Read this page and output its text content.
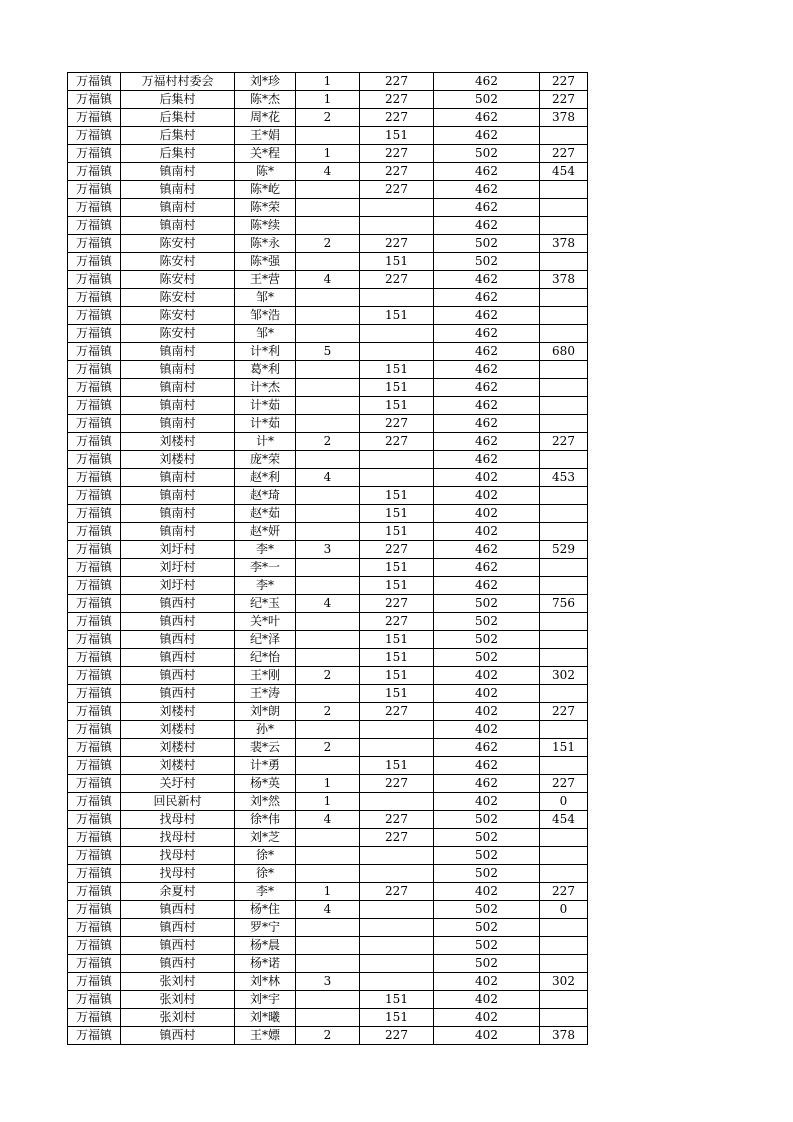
万福镇	万福村村委会	刘*珍	1	227	462	227
万福镇	后集村	陈*杰	1	227	502	227
万福镇	后集村	周*花	2	227	462	378
万福镇	后集村	王*娟		151	462	
万福镇	后集村	关*程	1	227	502	227
万福镇	镇南村	陈*	4	227	462	454
万福镇	镇南村	陈*屹		227	462	
万福镇	镇南村	陈*荣			462	
万福镇	镇南村	陈*续			462	
万福镇	陈安村	陈*永	2	227	502	378
万福镇	陈安村	陈*强		151	502	
万福镇	陈安村	王*营	4	227	462	378
万福镇	陈安村	邹*			462	
万福镇	陈安村	邹*浩		151	462	
万福镇	陈安村	邹*			462	
万福镇	镇南村	计*利	5		462	680
万福镇	镇南村	葛*利		151	462	
万福镇	镇南村	计*杰		151	462	
万福镇	镇南村	计*茹		151	462	
万福镇	镇南村	计*茹		227	462	
万福镇	刘楼村	计*	2	227	462	227
万福镇	刘楼村	庞*荣			462	
万福镇	镇南村	赵*利	4		402	453
万福镇	镇南村	赵*琦		151	402	
万福镇	镇南村	赵*茹		151	402	
万福镇	镇南村	赵*妍		151	402	
万福镇	刘圩村	李*	3	227	462	529
万福镇	刘圩村	李*一		151	462	
万福镇	刘圩村	李*		151	462	
万福镇	镇西村	纪*玉	4	227	502	756
万福镇	镇西村	关*叶		227	502	
万福镇	镇西村	纪*泽		151	502	
万福镇	镇西村	纪*怡		151	502	
万福镇	镇西村	王*刚	2	151	402	302
万福镇	镇西村	王*涛		151	402	
万福镇	刘楼村	刘*朗	2	227	402	227
万福镇	刘楼村	孙*			402	
万福镇	刘楼村	裴*云	2		462	151
万福镇	刘楼村	计*勇		151	462	
万福镇	关圩村	杨*英	1	227	462	227
万福镇	回民新村	刘*然	1		402	0
万福镇	找母村	徐*伟	4	227	502	454
万福镇	找母村	刘*芝		227	502	
万福镇	找母村	徐*			502	
万福镇	找母村	徐*			502	
万福镇	余夏村	李*	1	227	402	227
万福镇	镇西村	杨*住	4		502	0
万福镇	镇西村	罗*宁			502	
万福镇	镇西村	杨*晨			502	
万福镇	镇西村	杨*诺			502	
万福镇	张刘村	刘*林	3		402	302
万福镇	张刘村	刘*宇		151	402	
万福镇	张刘村	刘*曦		151	402	
万福镇	镇西村	王*嫖	2	227	402	378
